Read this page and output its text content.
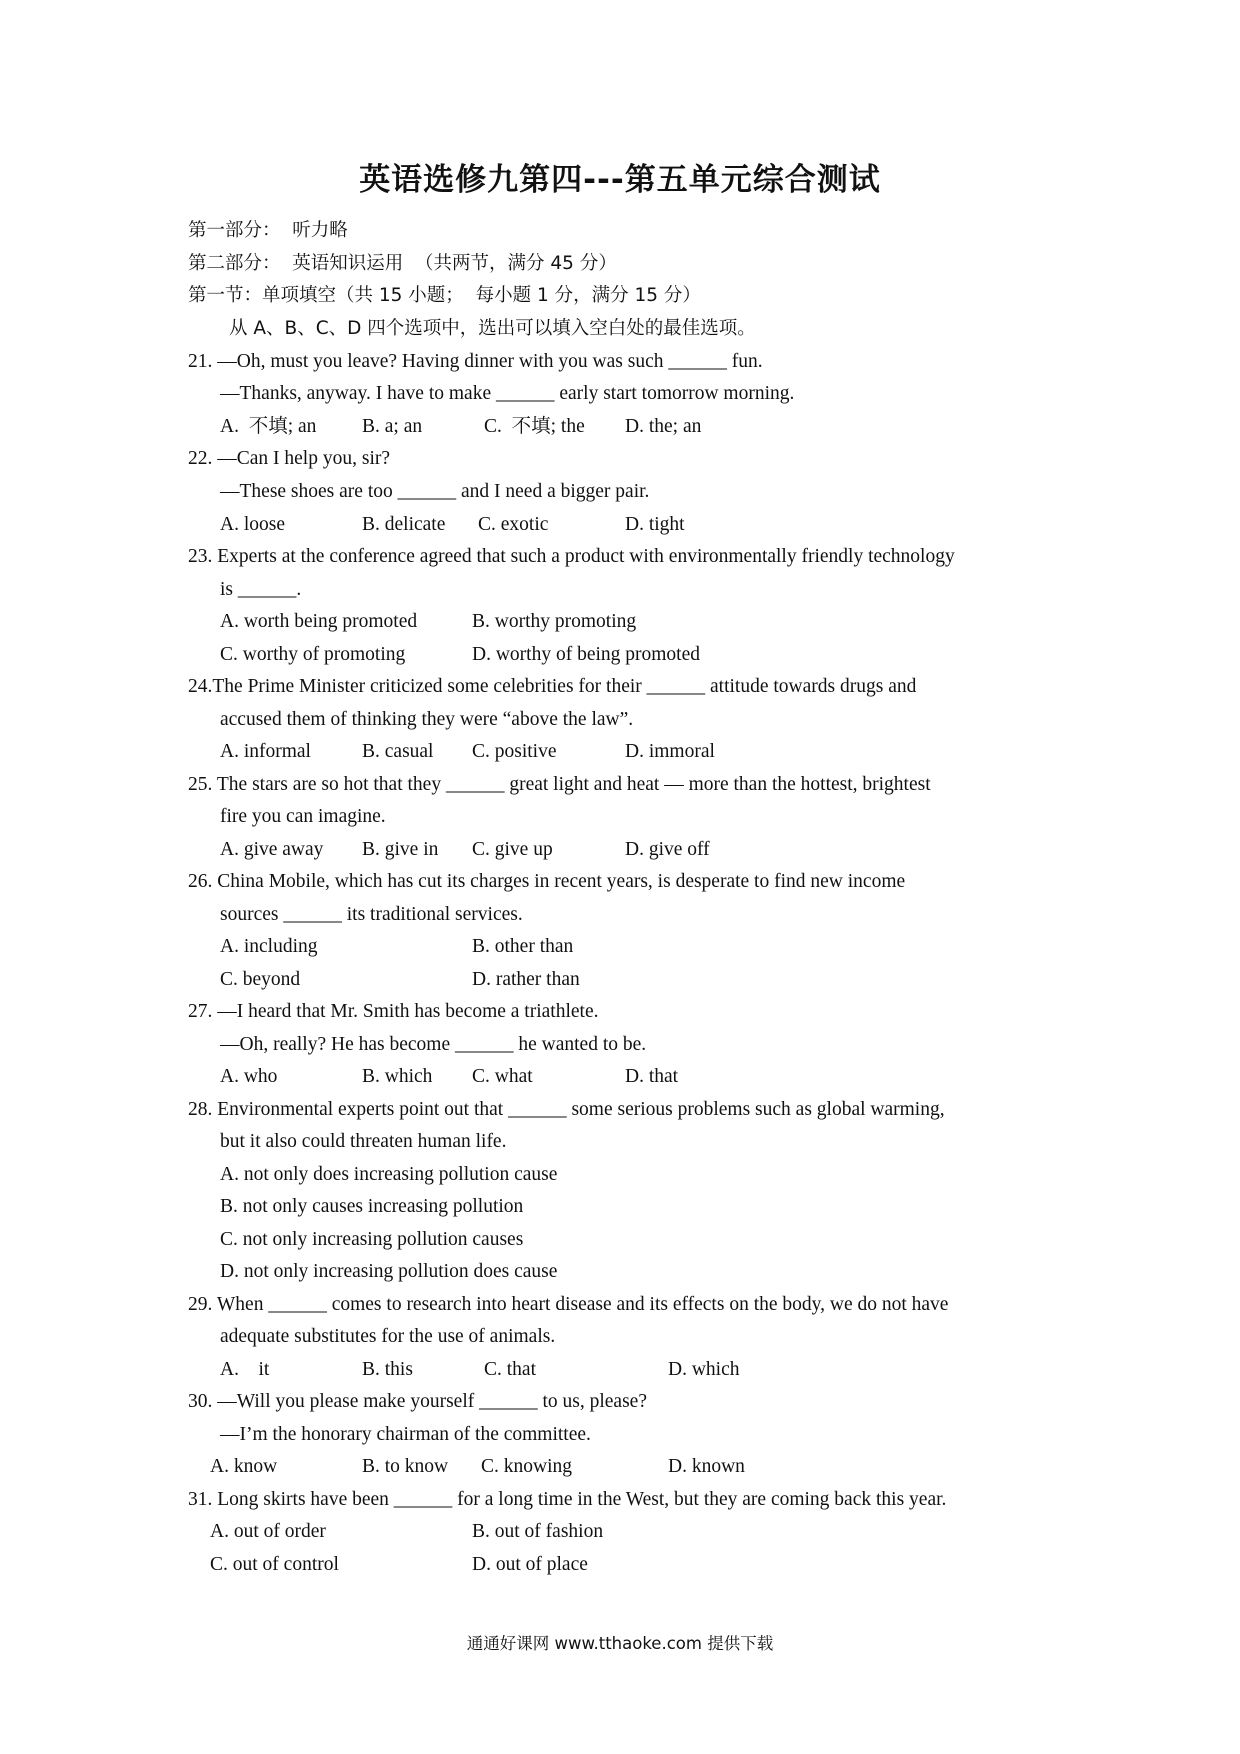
英语选修九第四---第五单元综合测试
第一部分：  听力略
第二部分：  英语知识运用  （共两节，满分 45 分）
第一节：单项填空（共 15 小题；  每小题 1 分，满分 15 分）
从 A、B、C、D 四个选项中，选出可以填入空白处的最佳选项。
21. —Oh, must you leave? Having dinner with you was such ______ fun.
—Thanks, anyway. I have to make ______ early start tomorrow morning.
A.  不填; an B. a; an	C.  不填; the D. the; an
22. —Can I help you, sir?
—These shoes are too ______ and I need a bigger pair.
A. loose	B. delicate C. exotic	D. tight
23. Experts at the conference agreed that such a product with environmentally friendly technology
is ______.
A. worth being promoted	B. worthy promoting
C. worthy of promoting	D. worthy of being promoted
24.The Prime Minister criticized some celebrities for their ______ attitude towards drugs and
accused them of thinking they were “above the law”.
A. informal	B. casual C. positive	D. immoral
25. The stars are so hot that they ______ great light and heat — more than the hottest, brightest
fire you can imagine.
A. give away B. give in C. give up	D. give off
26. China Mobile, which has cut its charges in recent years, is desperate to find new income
sources ______ its traditional services.
A. including	B. other than
C. beyond	D. rather than
27. —I heard that Mr. Smith has become a triathlete.
—Oh, really? He has become ______ he wanted to be.
A. who	B. which C. what	D. that
28. Environmental experts point out that ______ some serious problems such as global warming,
but it also could threaten human life.
A. not only does increasing pollution cause
B. not only causes increasing pollution
C. not only increasing pollution causes
D. not only increasing pollution does cause
29. When ______ comes to research into heart disease and its effects on the body, we do not have
adequate substitutes for the use of animals.
A.    it	B. this	C. that	D. which
30. —Will you please make yourself ______ to us, please?
—I’m the honorary chairman of the committee.
A. know	B. to know C. knowing	D. known
31. Long skirts have been ______ for a long time in the West, but they are coming back this year.
A. out of order	B. out of fashion
C. out of control	D. out of place
通通好课网 www.tthaoke.com 提供下载
